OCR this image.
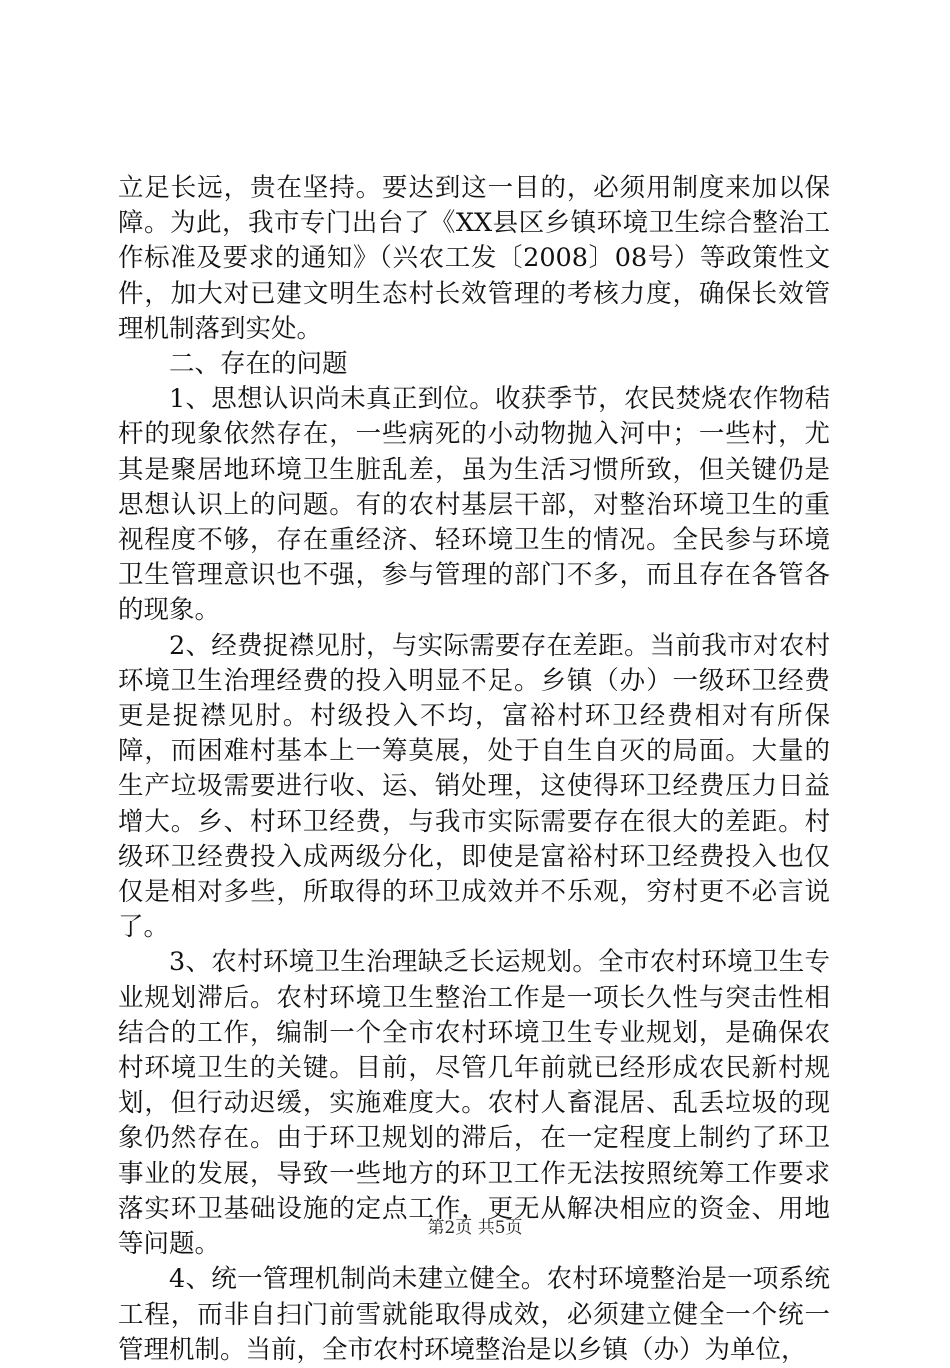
立足长远，贵在坚持。要达到这一目的，必须用制度来加以保障。为此，我市专门出台了《XX县区乡镇环境卫生综合整治工作标准及要求的通知》（兴农工发〔2008〕08号）等政策性文件，加大对已建文明生态村长效管理的考核力度，确保长效管理机制落到实处。

二、存在的问题

1、思想认识尚未真正到位。收获季节，农民焚烧农作物秸杆的现象依然存在，一些病死的小动物抛入河中；一些村，尤其是聚居地环境卫生脏乱差，虽为生活习惯所致，但关键仍是思想认识上的问题。有的农村基层干部，对整治环境卫生的重视程度不够，存在重经济、轻环境卫生的情况。全民参与环境卫生管理意识也不强，参与管理的部门不多，而且存在各管各的现象。

2、经费捉襟见肘，与实际需要存在差距。当前我市对农村环境卫生治理经费的投入明显不足。乡镇（办）一级环卫经费更是捉襟见肘。村级投入不均，富裕村环卫经费相对有所保障，而困难村基本上一筹莫展，处于自生自灭的局面。大量的生产垃圾需要进行收、运、销处理，这使得环卫经费压力日益增大。乡、村环卫经费，与我市实际需要存在很大的差距。村级环卫经费投入成两级分化，即使是富裕村环卫经费投入也仅仅是相对多些，所取得的环卫成效并不乐观，穷村更不必言说了。

3、农村环境卫生治理缺乏长运规划。全市农村环境卫生专业规划滞后。农村环境卫生整治工作是一项长久性与突击性相结合的工作，编制一个全市农村环境卫生专业规划，是确保农村环境卫生的关键。目前，尽管几年前就已经形成农民新村规划，但行动迟缓，实施难度大。农村人畜混居、乱丢垃圾的现象仍然存在。由于环卫规划的滞后，在一定程度上制约了环卫事业的发展，导致一些地方的环卫工作无法按照统筹工作要求落实环卫基础设施的定点工作，更无从解决相应的资金、用地等问题。

4、统一管理机制尚未建立健全。农村环境整治是一项系统工程，而非自扫门前雪就能取得成效，必须建立健全一个统一管理机制。当前，全市农村环境整治是以乡镇（办）为单位，

第2页 共5页
